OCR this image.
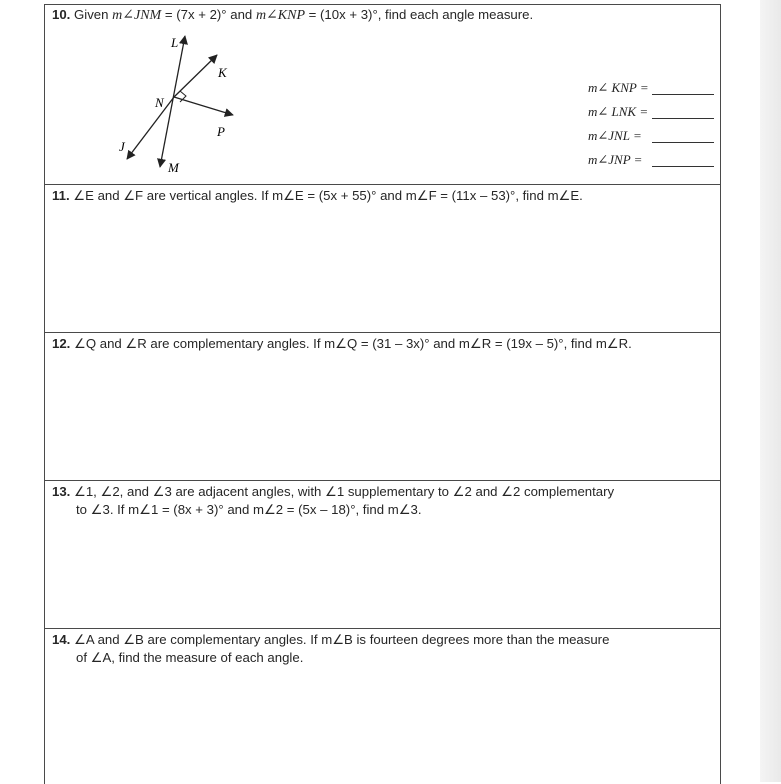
10. Given m∠JNM = (7x + 2)° and m∠KNP = (10x + 3)°, find each angle measure.
L
K
N
P
J
M
m∠ KNP =
m∠ LNK =
m∠JNL =
m∠JNP =
11. ∠E and ∠F are vertical angles. If m∠E = (5x + 55)° and m∠F = (11x – 53)°, find m∠E.
12. ∠Q and ∠R are complementary angles. If m∠Q = (31 – 3x)° and m∠R = (19x – 5)°, find m∠R.
13. ∠1, ∠2, and ∠3 are adjacent angles, with ∠1 supplementary to ∠2 and ∠2 complementary
to ∠3. If m∠1 = (8x + 3)° and m∠2 = (5x – 18)°, find m∠3.
14. ∠A and ∠B are complementary angles. If m∠B is fourteen degrees more than the measure
of ∠A, find the measure of each angle.
